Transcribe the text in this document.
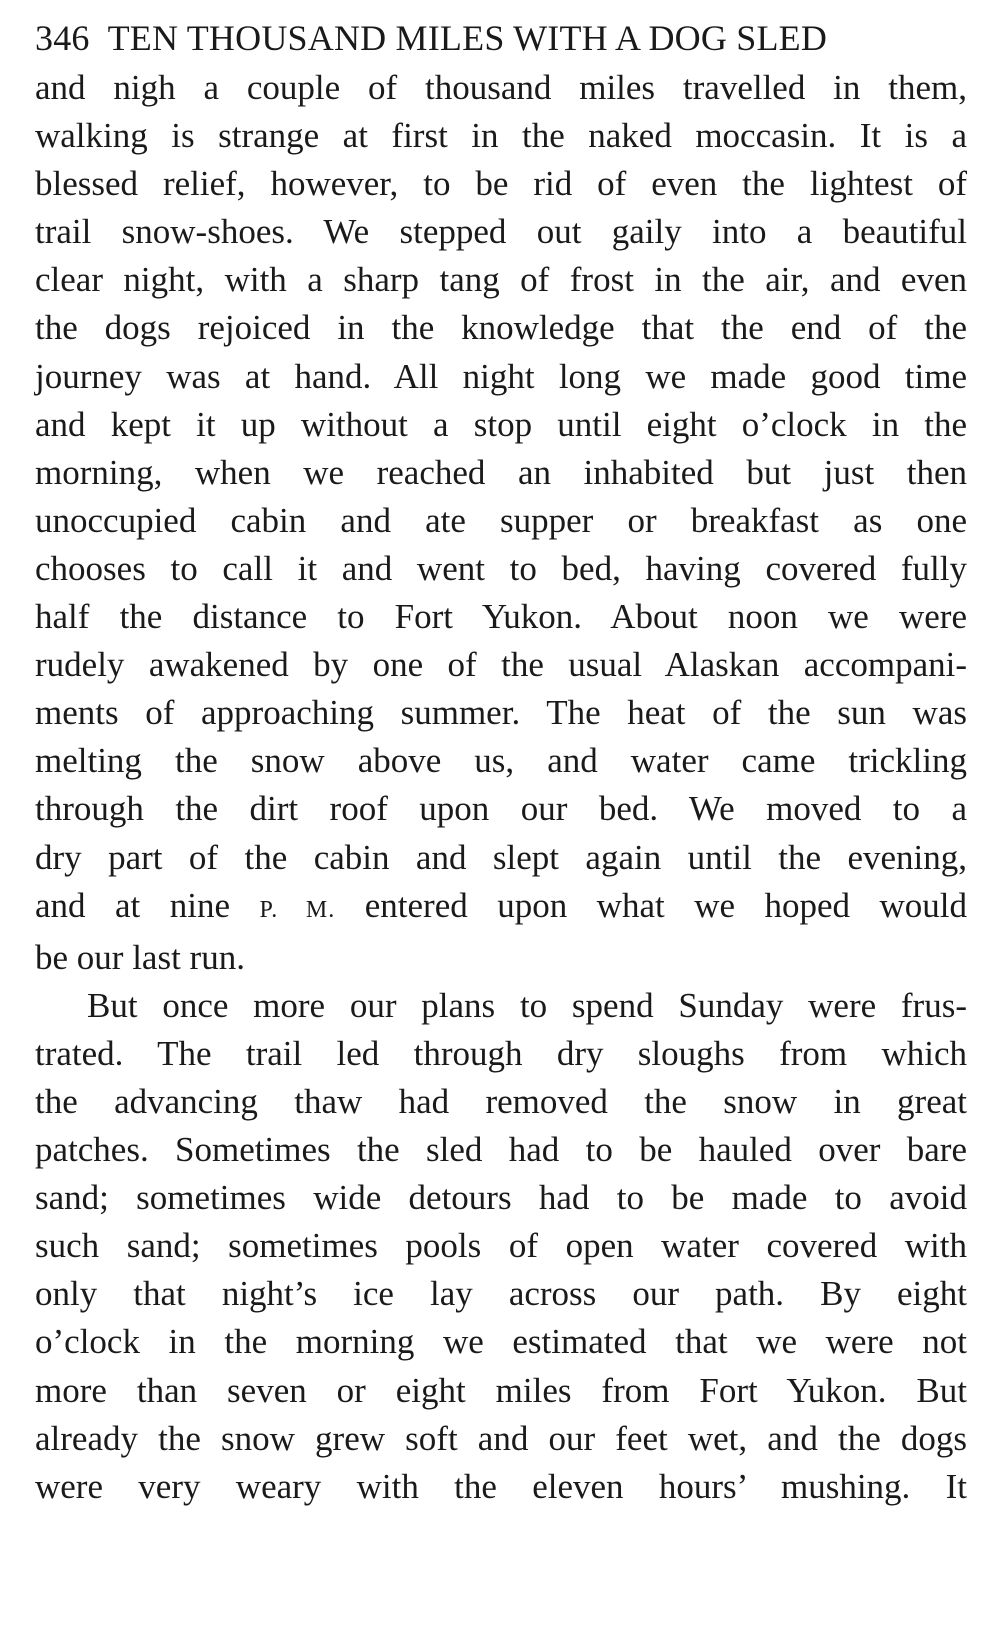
346 TEN THOUSAND MILES WITH A DOG SLED
and nigh a couple of thousand miles travelled in them,
walking is strange at first in the naked moccasin. It is a
blessed relief, however, to be rid of even the lightest of
trail snow-shoes. We stepped out gaily into a beautiful
clear night, with a sharp tang of frost in the air, and even
the dogs rejoiced in the knowledge that the end of the
journey was at hand. All night long we made good time
and kept it up without a stop until eight o’clock in the
morning, when we reached an inhabited but just then
unoccupied cabin and ate supper or breakfast as one
chooses to call it and went to bed, having covered fully
half the distance to Fort Yukon. About noon we were
rudely awakened by one of the usual Alaskan accompani-
ments of approaching summer. The heat of the sun was
melting the snow above us, and water came trickling
through the dirt roof upon our bed. We moved to a
dry part of the cabin and slept again until the evening,
and at nine P. M. entered upon what we hoped would
be our last run.
But once more our plans to spend Sunday were frus-
trated. The trail led through dry sloughs from which
the advancing thaw had removed the snow in great
patches. Sometimes the sled had to be hauled over bare
sand; sometimes wide detours had to be made to avoid
such sand; sometimes pools of open water covered with
only that night’s ice lay across our path. By eight
o’clock in the morning we estimated that we were not
more than seven or eight miles from Fort Yukon. But
already the snow grew soft and our feet wet, and the dogs
were very weary with the eleven hours’ mushing. It
